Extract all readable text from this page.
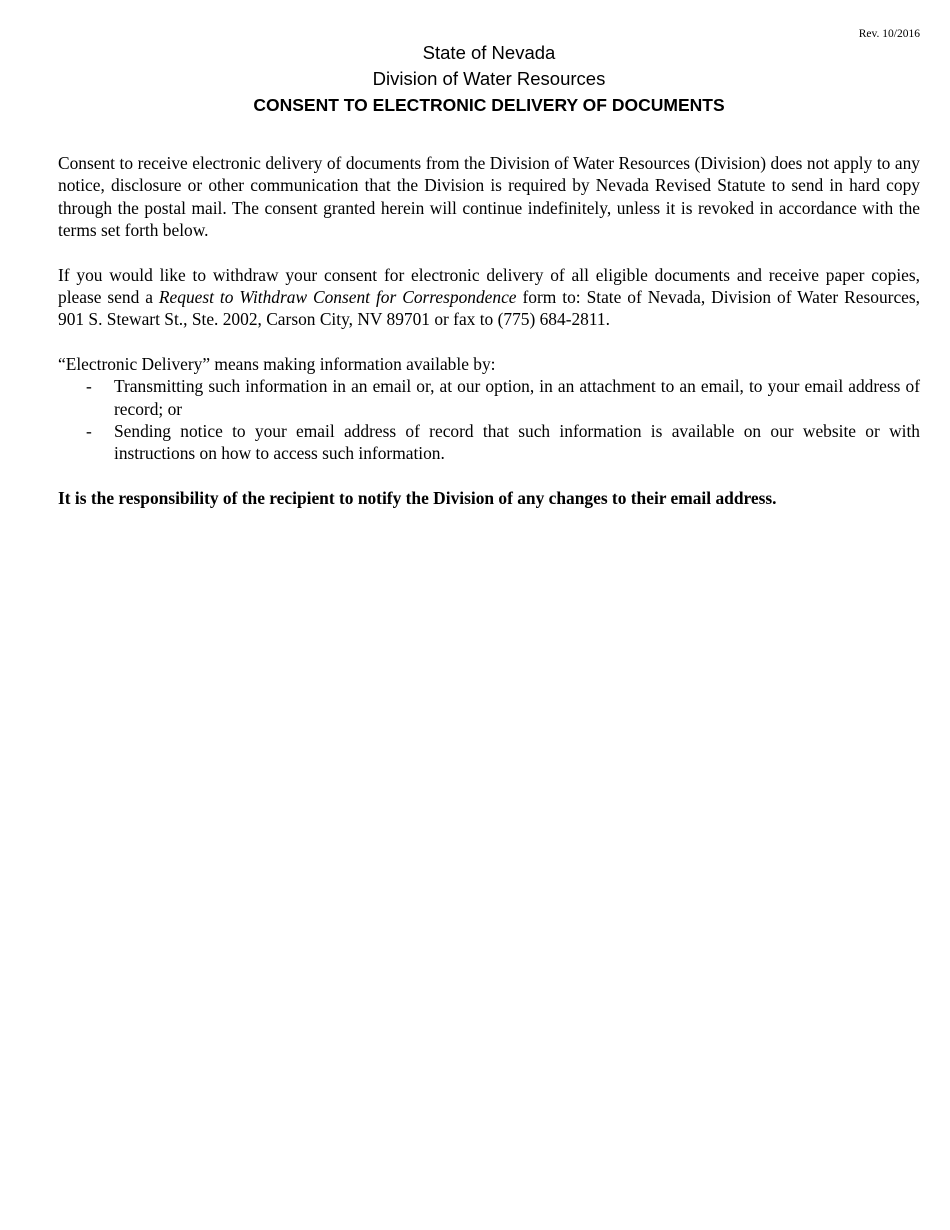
Rev. 10/2016
State of Nevada
Division of Water Resources
CONSENT TO ELECTRONIC DELIVERY OF DOCUMENTS

Consent to receive electronic delivery of documents from the Division of Water Resources (Division) does not apply to any notice, disclosure or other communication that the Division is required by Nevada Revised Statute to send in hard copy through the postal mail. The consent granted herein will continue indefinitely, unless it is revoked in accordance with the terms set forth below.

If you would like to withdraw your consent for electronic delivery of all eligible documents and receive paper copies, please send a Request to Withdraw Consent for Correspondence form to: State of Nevada, Division of Water Resources, 901 S. Stewart St., Ste. 2002, Carson City, NV 89701 or fax to (775) 684-2811.

“Electronic Delivery” means making information available by:

- Transmitting such information in an email or, at our option, in an attachment to an email, to your email address of record; or
- Sending notice to your email address of record that such information is available on our website or with instructions on how to access such information.

It is the responsibility of the recipient to notify the Division of any changes to their email address.
